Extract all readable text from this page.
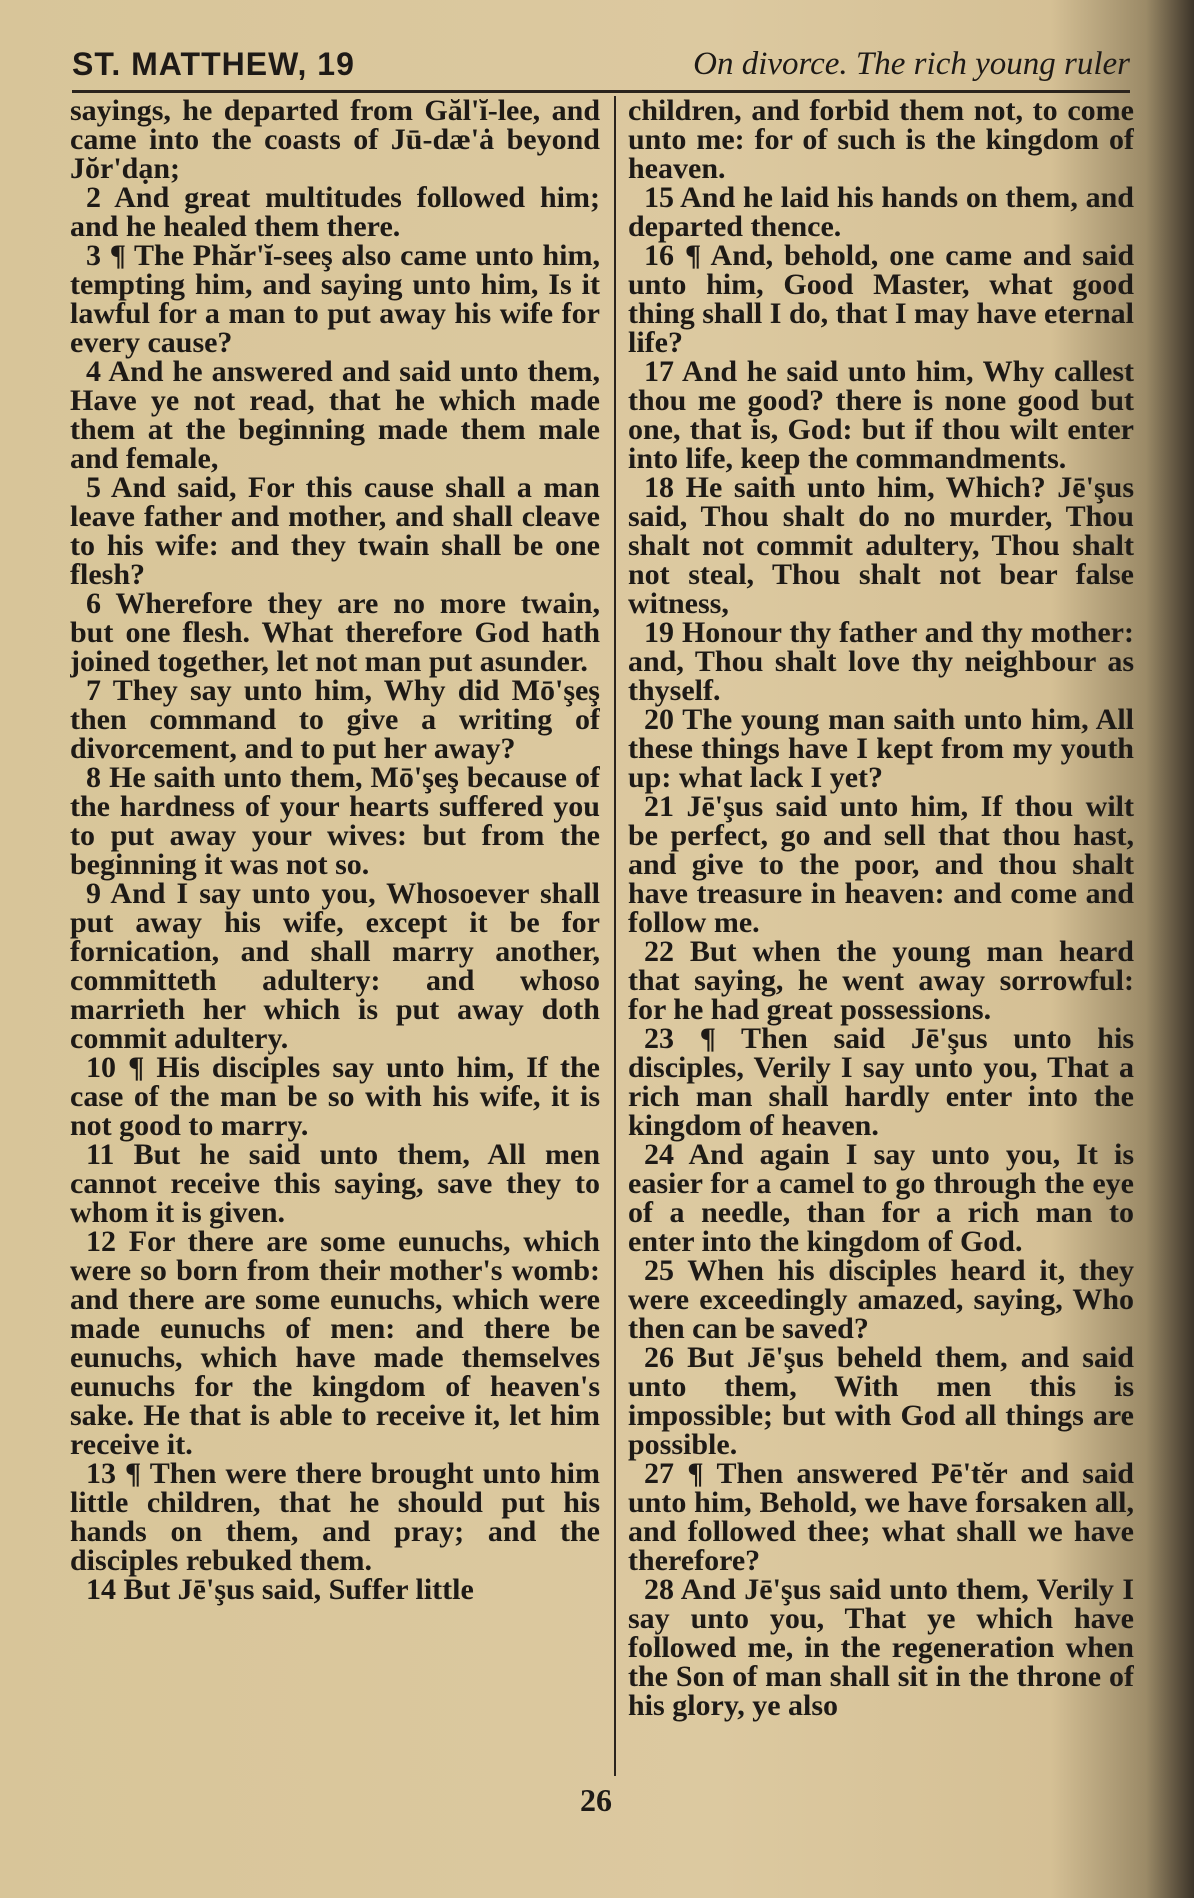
ST. MATTHEW, 19	On divorce. The rich young ruler

sayings, he departed from Găl'ĭ-lee, and came into the coasts of Jū-dæ'ȧ beyond Jŏr'dạn;

2 And great multitudes followed him; and he healed them there.

3 ¶ The Phăr'ĭ-seeş also came unto him, tempting him, and saying unto him, Is it lawful for a man to put away his wife for every cause?

4 And he answered and said unto them, Have ye not read, that he which made them at the beginning made them male and female,

5 And said, For this cause shall a man leave father and mother, and shall cleave to his wife: and they twain shall be one flesh?

6 Wherefore they are no more twain, but one flesh. What therefore God hath joined together, let not man put asunder.

7 They say unto him, Why did Mō'şeş then command to give a writing of divorcement, and to put her away?

8 He saith unto them, Mō'şeş because of the hardness of your hearts suffered you to put away your wives: but from the beginning it was not so.

9 And I say unto you, Whosoever shall put away his wife, except it be for fornication, and shall marry another, committeth adultery: and whoso marrieth her which is put away doth commit adultery.

10 ¶ His disciples say unto him, If the case of the man be so with his wife, it is not good to marry.

11 But he said unto them, All men cannot receive this saying, save they to whom it is given.

12 For there are some eunuchs, which were so born from their mother's womb: and there are some eunuchs, which were made eunuchs of men: and there be eunuchs, which have made themselves eunuchs for the kingdom of heaven's sake. He that is able to receive it, let him receive it.

13 ¶ Then were there brought unto him little children, that he should put his hands on them, and pray; and the disciples rebuked them.

14 But Jē'şus said, Suffer little

children, and forbid them not, to come unto me: for of such is the kingdom of heaven.

15 And he laid his hands on them, and departed thence.

16 ¶ And, behold, one came and said unto him, Good Master, what good thing shall I do, that I may have eternal life?

17 And he said unto him, Why callest thou me good? there is none good but one, that is, God: but if thou wilt enter into life, keep the commandments.

18 He saith unto him, Which? Jē'şus said, Thou shalt do no murder, Thou shalt not commit adultery, Thou shalt not steal, Thou shalt not bear false witness,

19 Honour thy father and thy mother: and, Thou shalt love thy neighbour as thyself.

20 The young man saith unto him, All these things have I kept from my youth up: what lack I yet?

21 Jē'şus said unto him, If thou wilt be perfect, go and sell that thou hast, and give to the poor, and thou shalt have treasure in heaven: and come and follow me.

22 But when the young man heard that saying, he went away sorrowful: for he had great possessions.

23 ¶ Then said Jē'şus unto his disciples, Verily I say unto you, That a rich man shall hardly enter into the kingdom of heaven.

24 And again I say unto you, It is easier for a camel to go through the eye of a needle, than for a rich man to enter into the kingdom of God.

25 When his disciples heard it, they were exceedingly amazed, saying, Who then can be saved?

26 But Jē'şus beheld them, and said unto them, With men this is impossible; but with God all things are possible.

27 ¶ Then answered Pē'tĕr and said unto him, Behold, we have forsaken all, and followed thee; what shall we have therefore?

28 And Jē'şus said unto them, Verily I say unto you, That ye which have followed me, in the regeneration when the Son of man shall sit in the throne of his glory, ye also

26
